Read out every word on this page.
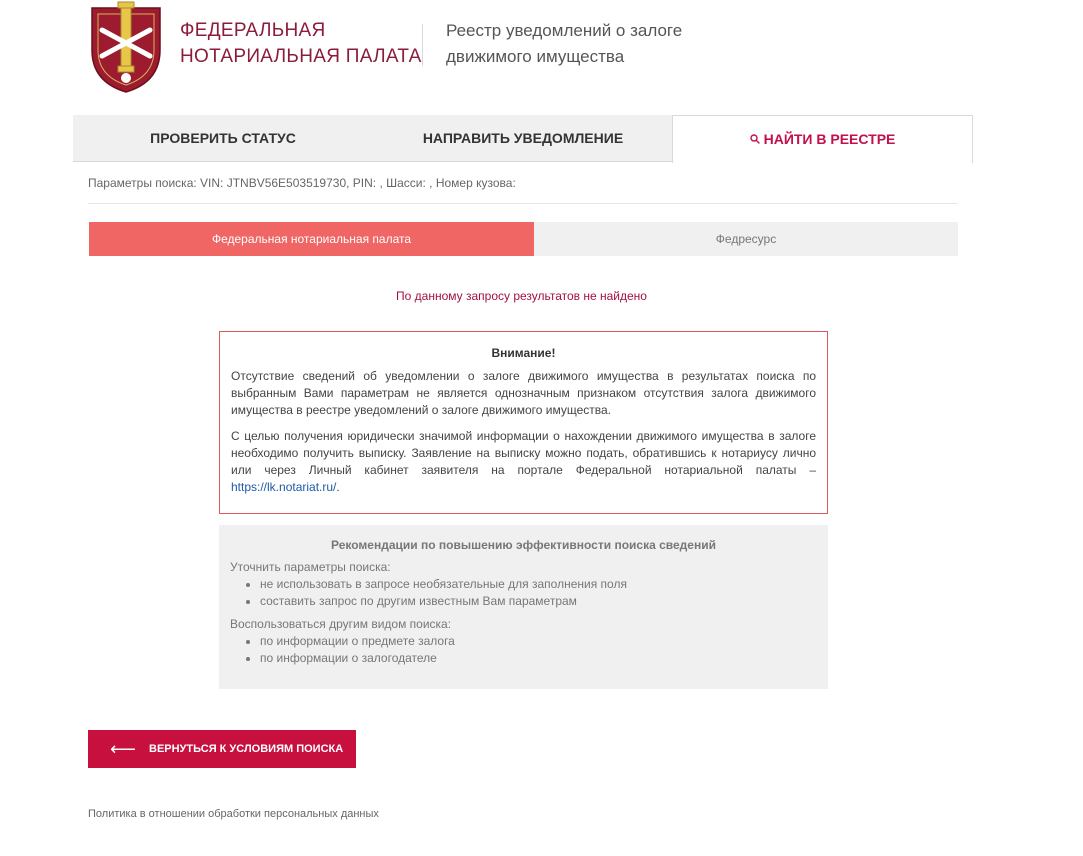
ФЕДЕРАЛЬНАЯ
НОТАРИАЛЬНАЯ ПАЛАТА
Реестр уведомлений о залоге
движимого имущества
ПРОВЕРИТЬ СТАТУС	НАПРАВИТЬ УВЕДОМЛЕНИЕ	НАЙТИ В РЕЕСТРЕ
Параметры поиска: VIN: JTNBV56E503519730, PIN: , Шасси: , Номер кузова:
Федеральная нотариальная палата	Федресурс
По данному запросу результатов не найдено
Внимание!

Отсутствие сведений об уведомлении о залоге движимого имущества в результатах поиска по выбранным Вами параметрам не является однозначным признаком отсутствия залога движимого имущества в реестре уведомлений о залоге движимого имущества.

С целью получения юридически значимой информации о нахождении движимого имущества в залоге необходимо получить выписку. Заявление на выписку можно подать, обратившись к нотариусу лично или через Личный кабинет заявителя на портале Федеральной нотариальной палаты – https://lk.notariat.ru/.

Рекомендации по повышению эффективности поиска сведений

Уточнить параметры поиска:

• не использовать в запросе необязательные для заполнения поля
• составить запрос по другим известным Вам параметрам

Воспользоваться другим видом поиска:

• по информации о предмете залога
• по информации о залогодателе
⟵ ВЕРНУТЬСЯ К УСЛОВИЯМ ПОИСКА
Политика в отношении обработки персональных данных
